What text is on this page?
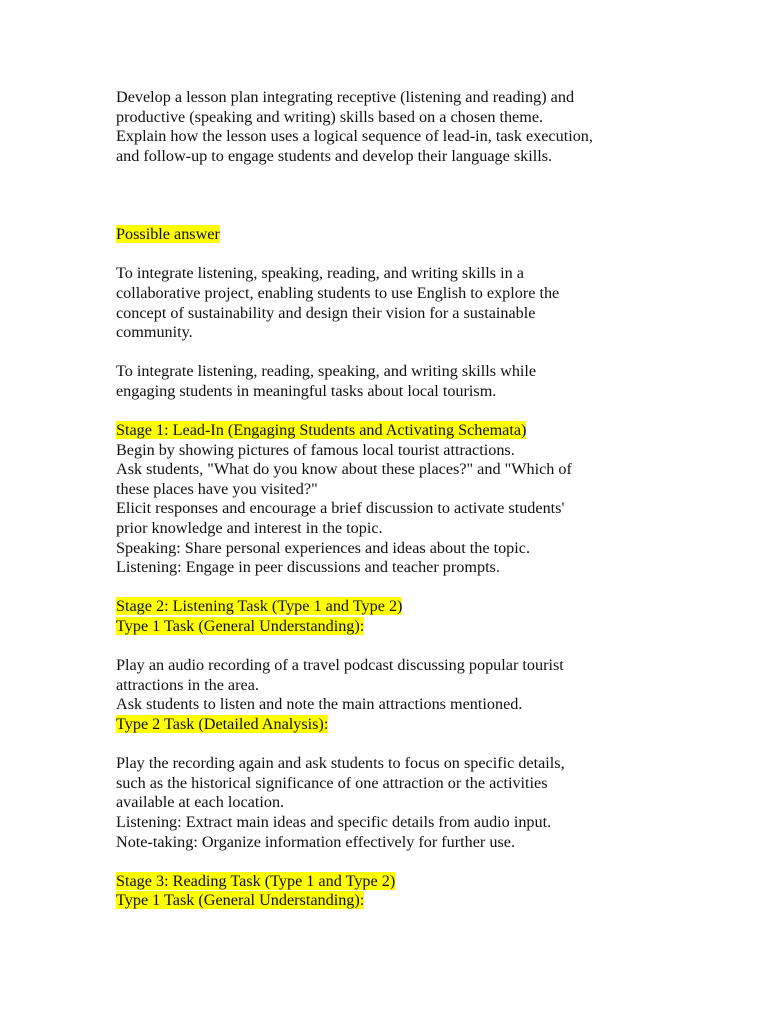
Develop a lesson plan integrating receptive (listening and reading) and
productive (speaking and writing) skills based on a chosen theme.
Explain how the lesson uses a logical sequence of lead-in, task execution,
and follow-up to engage students and develop their language skills.
Possible answer
To integrate listening, speaking, reading, and writing skills in a
collaborative project, enabling students to use English to explore the
concept of sustainability and design their vision for a sustainable
community.
To integrate listening, reading, speaking, and writing skills while
engaging students in meaningful tasks about local tourism.
Stage 1: Lead-In (Engaging Students and Activating Schemata)
Begin by showing pictures of famous local tourist attractions.
Ask students, "What do you know about these places?" and "Which of
these places have you visited?"
Elicit responses and encourage a brief discussion to activate students'
prior knowledge and interest in the topic.
Speaking: Share personal experiences and ideas about the topic.
Listening: Engage in peer discussions and teacher prompts.
Stage 2: Listening Task (Type 1 and Type 2)
Type 1 Task (General Understanding):
Play an audio recording of a travel podcast discussing popular tourist
attractions in the area.
Ask students to listen and note the main attractions mentioned.
Type 2 Task (Detailed Analysis):
Play the recording again and ask students to focus on specific details,
such as the historical significance of one attraction or the activities
available at each location.
Listening: Extract main ideas and specific details from audio input.
Note-taking: Organize information effectively for further use.
Stage 3: Reading Task (Type 1 and Type 2)
Type 1 Task (General Understanding):
